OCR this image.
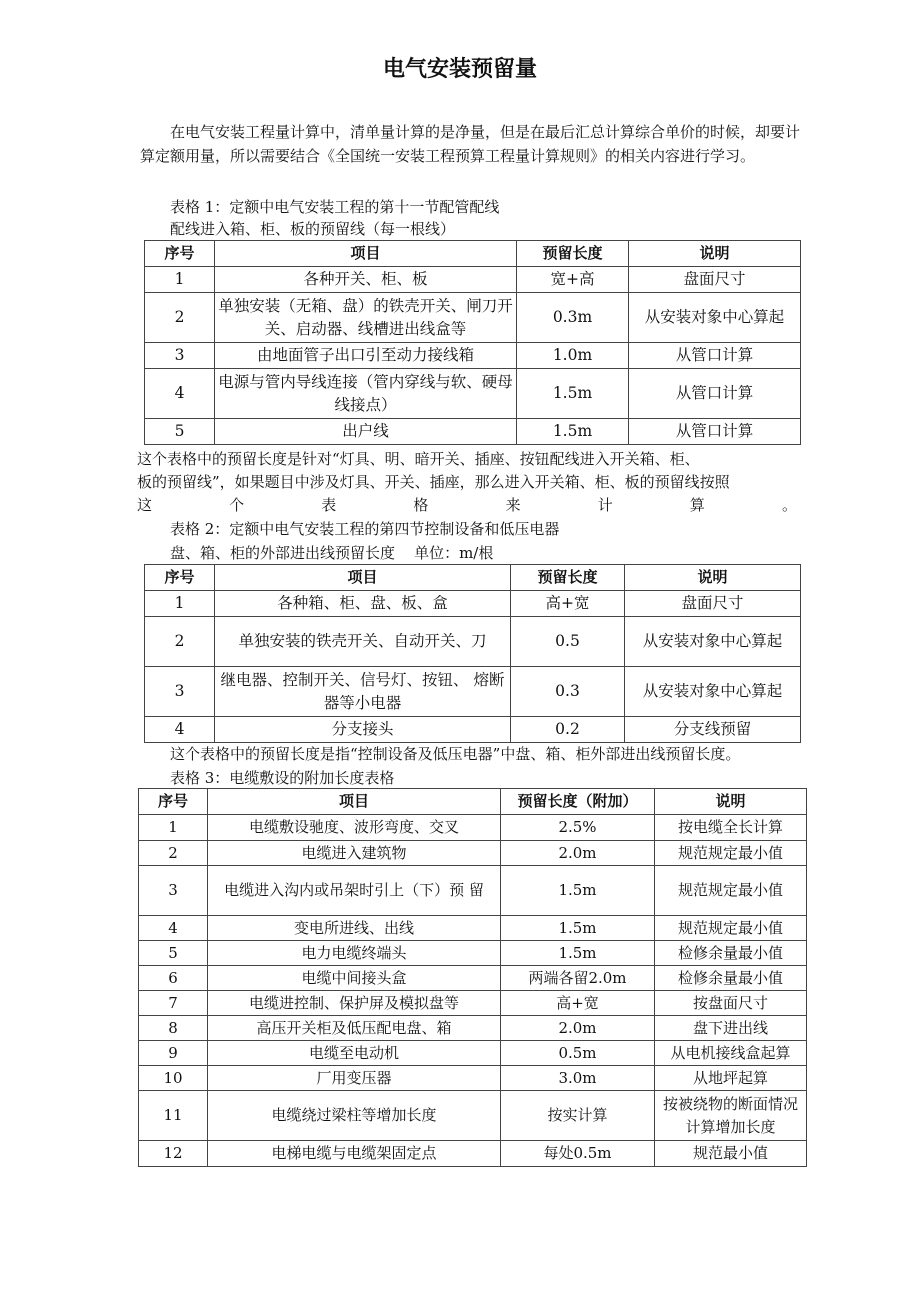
电气安装预留量
在电气安装工程量计算中，清单量计算的是净量，但是在最后汇总计算综合单价的时候，却要计算定额用量，所以需要结合《全国统一安装工程预算工程量计算规则》的相关内容进行学习。
表格 1：定额中电气安装工程的第十一节配管配线
配线进入箱、柜、板的预留线（每一根线）
序号	项目	预留长度	说明
1	各种开关、柜、板	宽+高	盘面尺寸
2	单独安装（无箱、盘）的铁壳开关、闸刀开关、启动器、线槽进出线盒等	0.3m	从安装对象中心算起
3	由地面管子出口引至动力接线箱	1.0m	从管口计算
4	电源与管内导线连接（管内穿线与软、硬母线接点）	1.5m	从管口计算
5	出户线	1.5m	从管口计算
这个表格中的预留长度是针对“灯具、明、暗开关、插座、按钮配线进入开关箱、柜、
板的预留线”，如果题目中涉及灯具、开关、插座，那么进入开关箱、柜、板的预留线按照
这	个	表	格	来	计	算	。
表格 2：定额中电气安装工程的第四节控制设备和低压电器
盘、箱、柜的外部进出线预留长度    单位：m/根
序号	项目	预留长度	说明
1	各种箱、柜、盘、板、盒	高+宽	盘面尺寸
2	单独安装的铁壳开关、自动开关、刀	0.5	从安装对象中心算起
3	继电器、控制开关、信号灯、按钮、 熔断器等小电器	0.3	从安装对象中心算起
4	分支接头	0.2	分支线预留
这个表格中的预留长度是指“控制设备及低压电器”中盘、箱、柜外部进出线预留长度。
表格 3：电缆敷设的附加长度表格
序号	项目	预留长度（附加）	说明
1	电缆敷设驰度、波形弯度、交叉	2.5%	按电缆全长计算
2	电缆进入建筑物	2.0m	规范规定最小值
3	电缆进入沟内或吊架时引上（下）预 留	1.5m	规范规定最小值
4	变电所进线、出线	1.5m	规范规定最小值
5	电力电缆终端头	1.5m	检修余量最小值
6	电缆中间接头盒	两端各留2.0m	检修余量最小值
7	电缆进控制、保护屏及模拟盘等	高+宽	按盘面尺寸
8	高压开关柜及低压配电盘、箱	2.0m	盘下进出线
9	电缆至电动机	0.5m	从电机接线盒起算
10	厂用变压器	3.0m	从地坪起算
11	电缆绕过梁柱等增加长度	按实计算	按被绕物的断面情况计算增加长度
12	电梯电缆与电缆架固定点	每处0.5m	规范最小值
